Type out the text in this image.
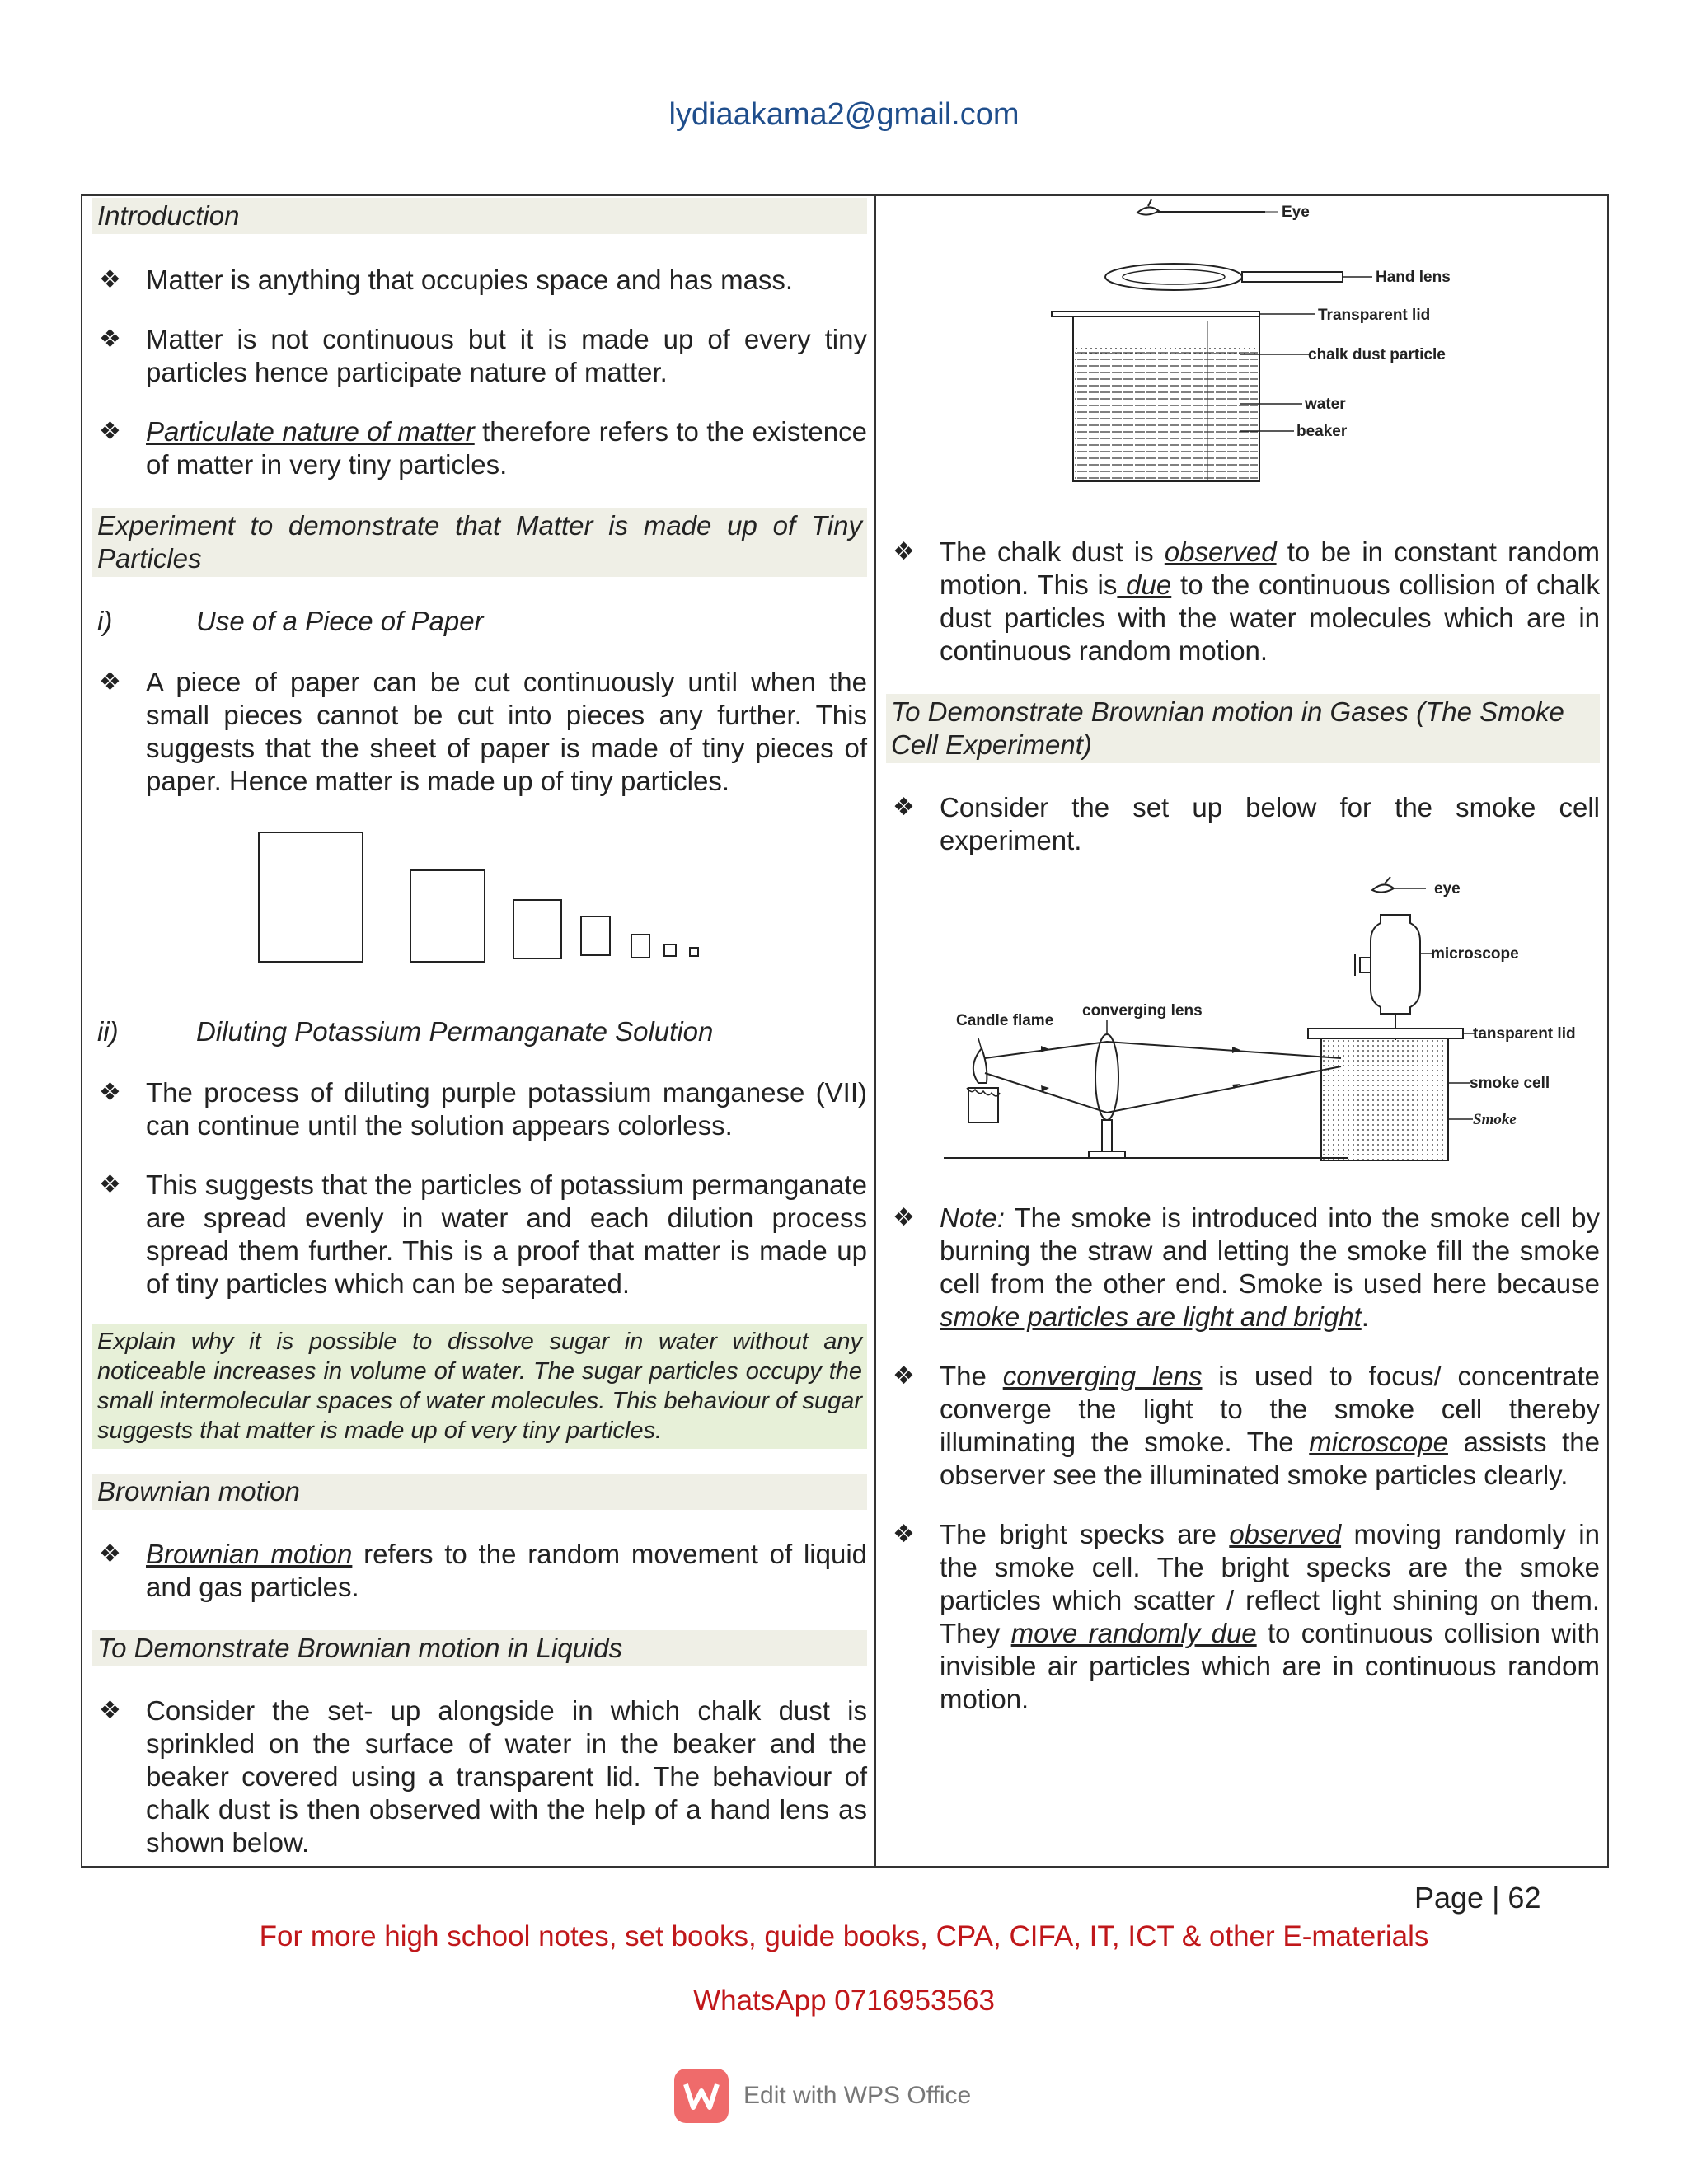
lydiaakama2@gmail.com
Introduction
❖ Matter is anything that occupies space and has mass.
❖ Matter is not continuous but it is made up of every tiny particles hence participate nature of matter.
❖ Particulate nature of matter therefore refers to the existence of matter in very tiny particles.
Experiment to demonstrate that Matter is made up of Tiny Particles
i)	Use of a Piece of Paper
❖ A piece of paper can be cut continuously until when the small pieces cannot be cut into pieces any further. This suggests that the sheet of paper is made of tiny pieces of paper. Hence matter is made up of tiny particles.
ii)	Diluting Potassium Permanganate Solution
❖ The process of diluting purple potassium manganese (VII) can continue until the solution appears colorless.
❖ This suggests that the particles of potassium permanganate are spread evenly in water and each dilution process spread them further. This is a proof that matter is made up of tiny particles which can be separated.
Explain why it is possible to dissolve sugar in water without any noticeable increases in volume of water. The sugar particles occupy the small intermolecular spaces of water molecules. This behaviour of sugar suggests that matter is made up of very tiny particles.
Brownian motion
❖ Brownian motion refers to the random movement of liquid and gas particles.
To Demonstrate Brownian motion in Liquids
❖ Consider the set- up alongside in which chalk dust is sprinkled on the surface of water in the beaker and the beaker covered using a transparent lid. The behaviour of chalk dust is then observed with the help of a hand lens as shown below.
Eye
Hand lens
Transparent lid
chalk dust particle
water
beaker
❖ The chalk dust is observed to be in constant random motion. This is due to the continuous collision of chalk dust particles with the water molecules which are in continuous random motion.
To Demonstrate Brownian motion in Gases (The Smoke Cell Experiment)
❖ Consider the set up below for the smoke cell experiment.
eye
microscope
Candle flame
converging lens
tansparent lid
smoke cell
Smoke
❖ Note: The smoke is introduced into the smoke cell by burning the straw and letting the smoke fill the smoke cell from the other end. Smoke is used here because smoke particles are light and bright.
❖ The converging lens is used to focus/ concentrate converge the light to the smoke cell thereby illuminating the smoke. The microscope assists the observer see the illuminated smoke particles clearly.
❖ The bright specks are observed moving randomly in the smoke cell. The bright specks are the smoke particles which scatter / reflect light shining on them. They move randomly due to continuous collision with invisible air particles which are in continuous random motion.
Page | 62
For more high school notes, set books, guide books, CPA, CIFA, IT, ICT & other E-materials
WhatsApp 0716953563
Edit with WPS Office
